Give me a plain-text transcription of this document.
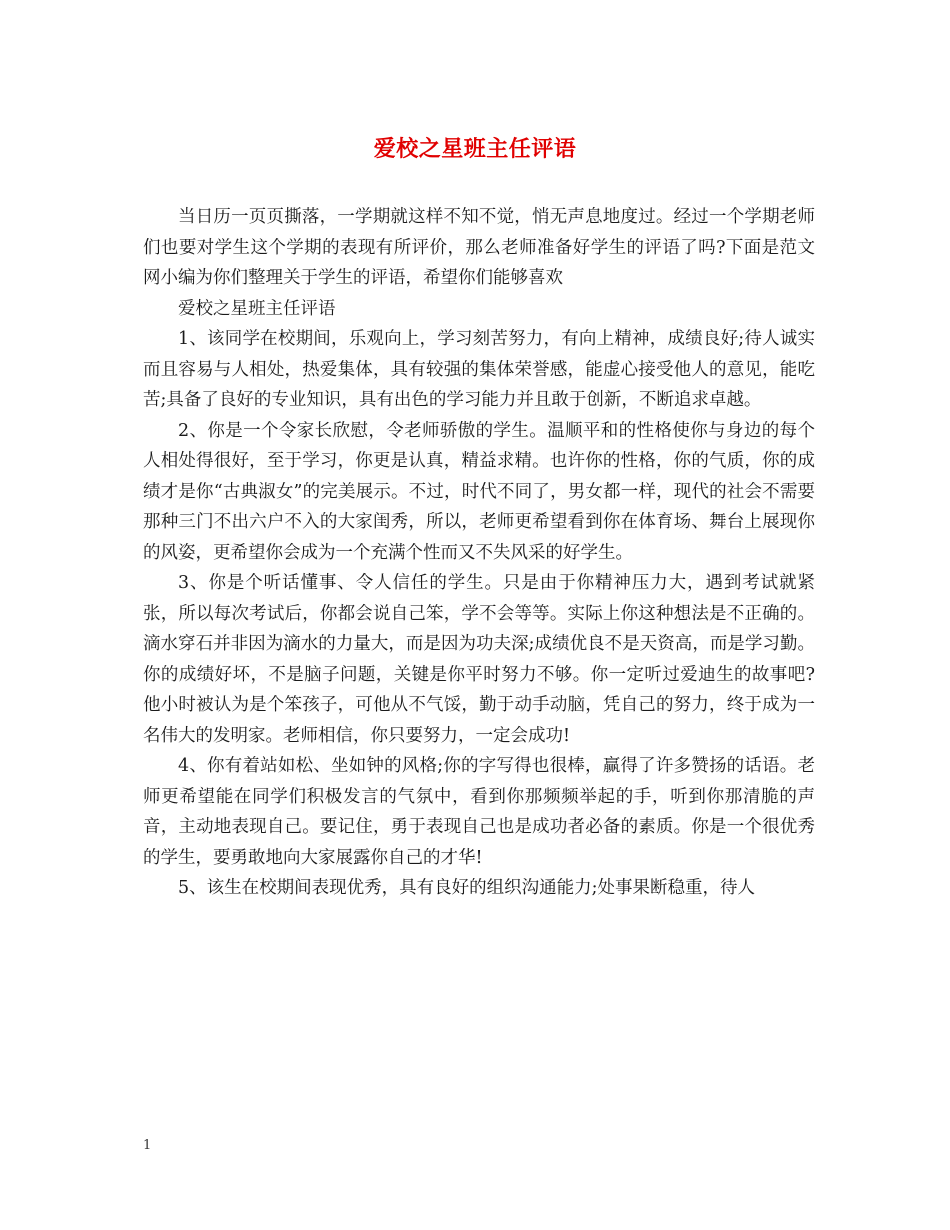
爱校之星班主任评语

当日历一页页撕落，一学期就这样不知不觉，悄无声息地度过。经过一个学期老师们也要对学生这个学期的表现有所评价，那么老师准备好学生的评语了吗?下面是范文网小编为你们整理关于学生的评语，希望你们能够喜欢

爱校之星班主任评语

1、该同学在校期间，乐观向上，学习刻苦努力，有向上精神，成绩良好;待人诚实而且容易与人相处，热爱集体，具有较强的集体荣誉感，能虚心接受他人的意见，能吃苦;具备了良好的专业知识，具有出色的学习能力并且敢于创新，不断追求卓越。

2、你是一个令家长欣慰，令老师骄傲的学生。温顺平和的性格使你与身边的每个人相处得很好，至于学习，你更是认真，精益求精。也许你的性格，你的气质，你的成绩才是你“古典淑女”的完美展示。不过，时代不同了，男女都一样，现代的社会不需要那种三门不出六户不入的大家闺秀，所以，老师更希望看到你在体育场、舞台上展现你的风姿，更希望你会成为一个充满个性而又不失风采的好学生。

3、你是个听话懂事、令人信任的学生。只是由于你精神压力大，遇到考试就紧张，所以每次考试后，你都会说自己笨，学不会等等。实际上你这种想法是不正确的。滴水穿石并非因为滴水的力量大，而是因为功夫深;成绩优良不是天资高，而是学习勤。你的成绩好坏，不是脑子问题，关键是你平时努力不够。你一定听过爱迪生的故事吧?他小时被认为是个笨孩子，可他从不气馁，勤于动手动脑，凭自己的努力，终于成为一名伟大的发明家。老师相信，你只要努力，一定会成功!

4、你有着站如松、坐如钟的风格;你的字写得也很棒，赢得了许多赞扬的话语。老师更希望能在同学们积极发言的气氛中，看到你那频频举起的手，听到你那清脆的声音，主动地表现自己。要记住，勇于表现自己也是成功者必备的素质。你是一个很优秀的学生，要勇敢地向大家展露你自己的才华!

5、该生在校期间表现优秀，具有良好的组织沟通能力;处事果断稳重，待人

1
